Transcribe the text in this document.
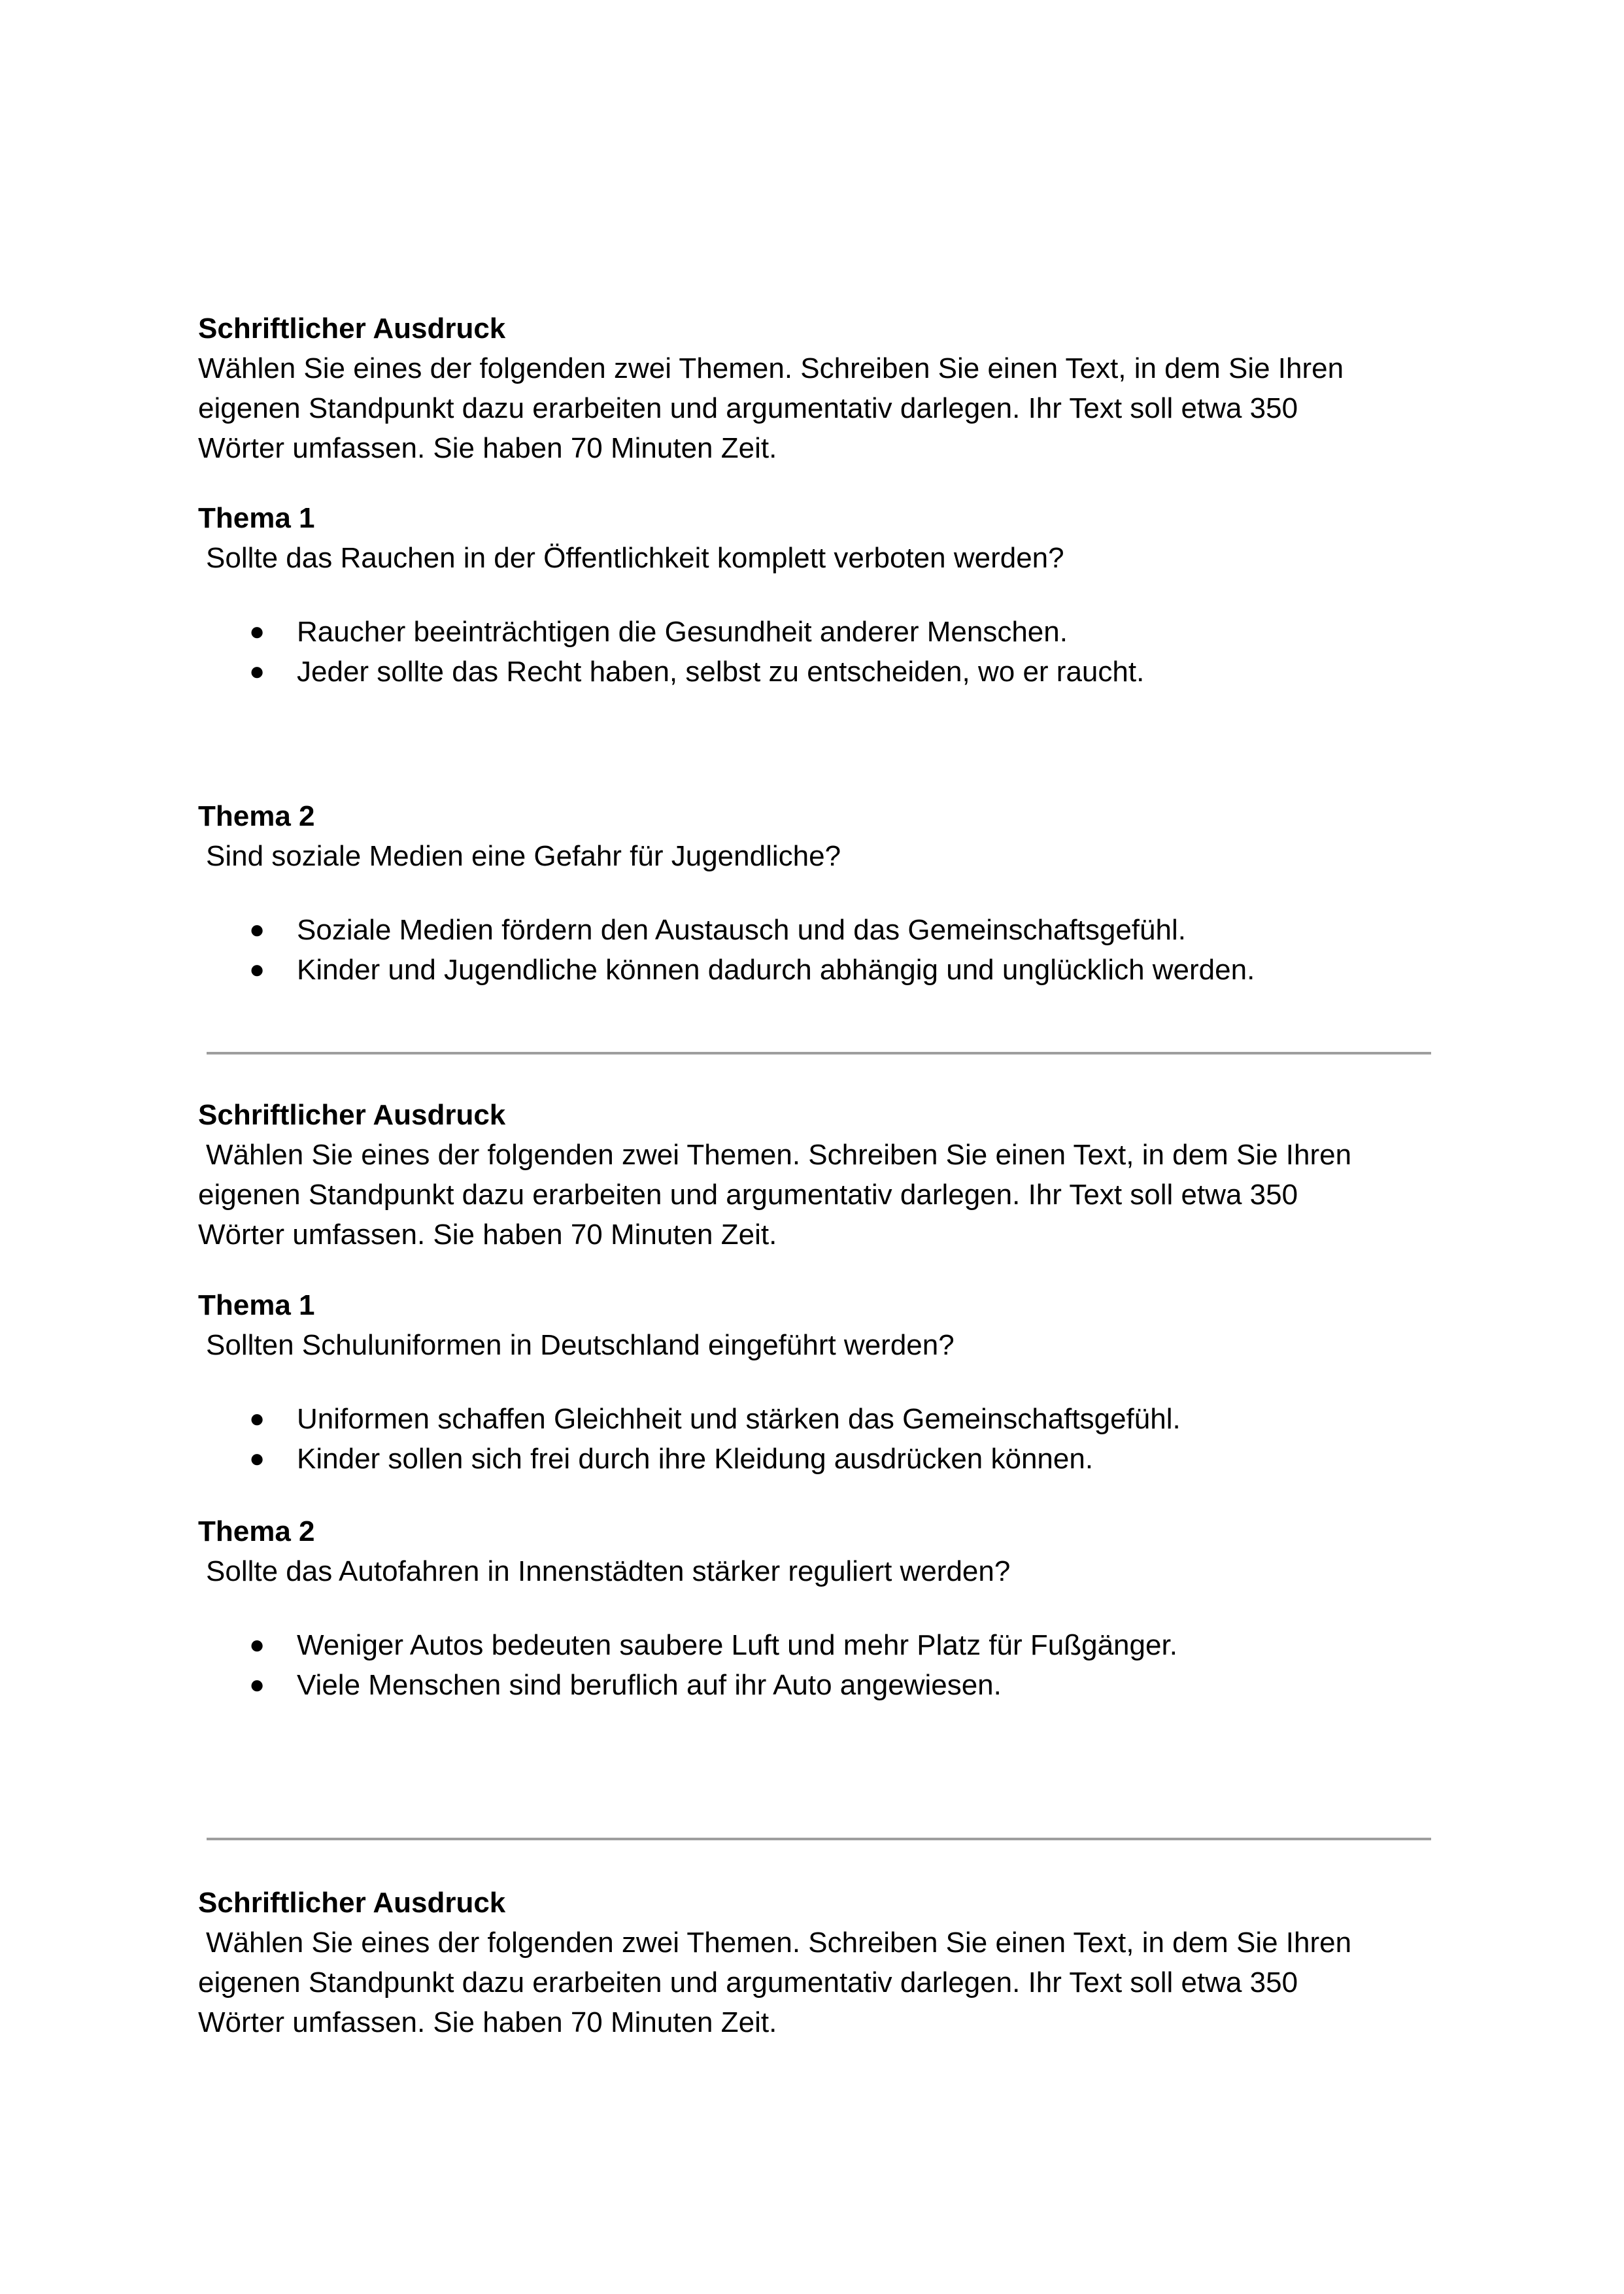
Schriftlicher Ausdruck
Wählen Sie eines der folgenden zwei Themen. Schreiben Sie einen Text, in dem Sie Ihren
eigenen Standpunkt dazu erarbeiten und argumentativ darlegen. Ihr Text soll etwa 350
Wörter umfassen. Sie haben 70 Minuten Zeit.
Thema 1
Sollte das Rauchen in der Öffentlichkeit komplett verboten werden?
● Raucher beeinträchtigen die Gesundheit anderer Menschen.
● Jeder sollte das Recht haben, selbst zu entscheiden, wo er raucht.
Thema 2
Sind soziale Medien eine Gefahr für Jugendliche?
● Soziale Medien fördern den Austausch und das Gemeinschaftsgefühl.
● Kinder und Jugendliche können dadurch abhängig und unglücklich werden.
Schriftlicher Ausdruck
Wählen Sie eines der folgenden zwei Themen. Schreiben Sie einen Text, in dem Sie Ihren
eigenen Standpunkt dazu erarbeiten und argumentativ darlegen. Ihr Text soll etwa 350
Wörter umfassen. Sie haben 70 Minuten Zeit.
Thema 1
Sollten Schuluniformen in Deutschland eingeführt werden?
● Uniformen schaffen Gleichheit und stärken das Gemeinschaftsgefühl.
● Kinder sollen sich frei durch ihre Kleidung ausdrücken können.
Thema 2
Sollte das Autofahren in Innenstädten stärker reguliert werden?
● Weniger Autos bedeuten saubere Luft und mehr Platz für Fußgänger.
● Viele Menschen sind beruflich auf ihr Auto angewiesen.
Schriftlicher Ausdruck
Wählen Sie eines der folgenden zwei Themen. Schreiben Sie einen Text, in dem Sie Ihren
eigenen Standpunkt dazu erarbeiten und argumentativ darlegen. Ihr Text soll etwa 350
Wörter umfassen. Sie haben 70 Minuten Zeit.
